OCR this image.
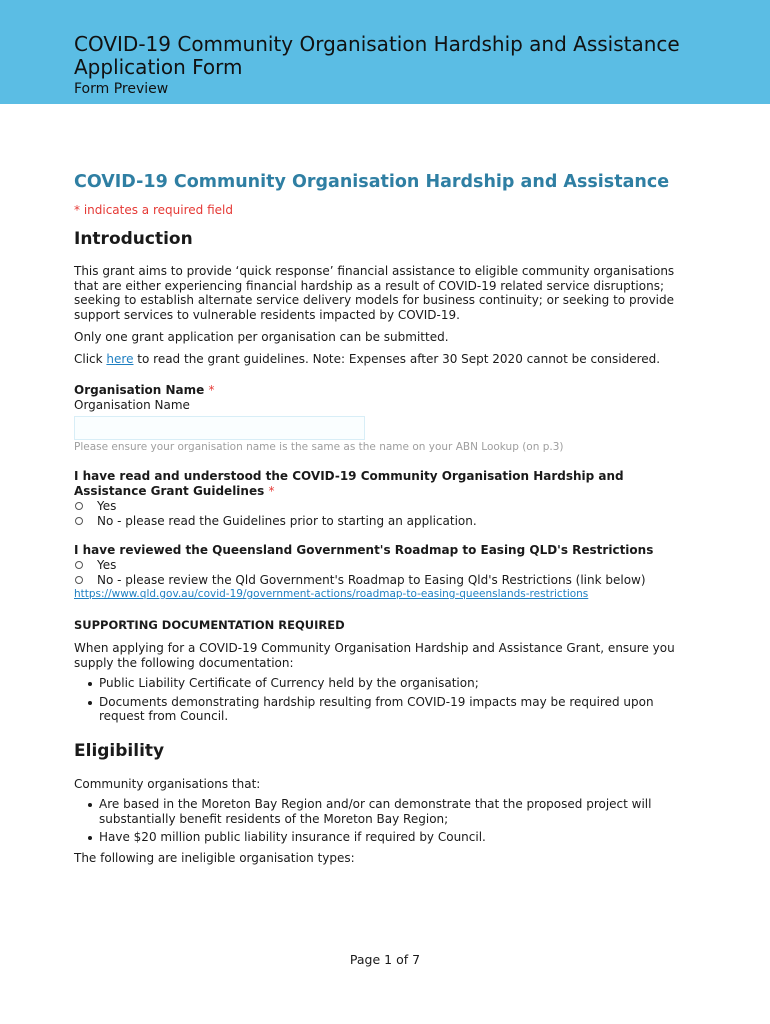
COVID-19 Community Organisation Hardship and Assistance Application Form
Form Preview
COVID-19 Community Organisation Hardship and Assistance
* indicates a required field
Introduction

This grant aims to provide ‘quick response’ financial assistance to eligible community organisations that are either experiencing financial hardship as a result of COVID-19 related service disruptions; seeking to establish alternate service delivery models for business continuity; or seeking to provide support services to vulnerable residents impacted by COVID-19.

Only one grant application per organisation can be submitted.

Click here to read the grant guidelines. Note: Expenses after 30 Sept 2020 cannot be considered.

Organisation Name *
Organisation Name
Please ensure your organisation name is the same as the name on your ABN Lookup (on p.3)
I have read and understood the COVID-19 Community Organisation Hardship and Assistance Grant Guidelines *
Yes
No - please read the Guidelines prior to starting an application.
I have reviewed the Queensland Government's Roadmap to Easing QLD's Restrictions
Yes
No - please review the Qld Government's Roadmap to Easing Qld's Restrictions (link below)
https://www.qld.gov.au/covid-19/government-actions/roadmap-to-easing-queenslands-restrictions
SUPPORTING DOCUMENTATION REQUIRED

When applying for a COVID-19 Community Organisation Hardship and Assistance Grant, ensure you supply the following documentation:

Public Liability Certificate of Currency held by the organisation;
Documents demonstrating hardship resulting from COVID-19 impacts may be required upon request from Council.
Eligibility

Community organisations that:

Are based in the Moreton Bay Region and/or can demonstrate that the proposed project will substantially benefit residents of the Moreton Bay Region;
Have $20 million public liability insurance if required by Council.

The following are ineligible organisation types:

Page 1 of 7
